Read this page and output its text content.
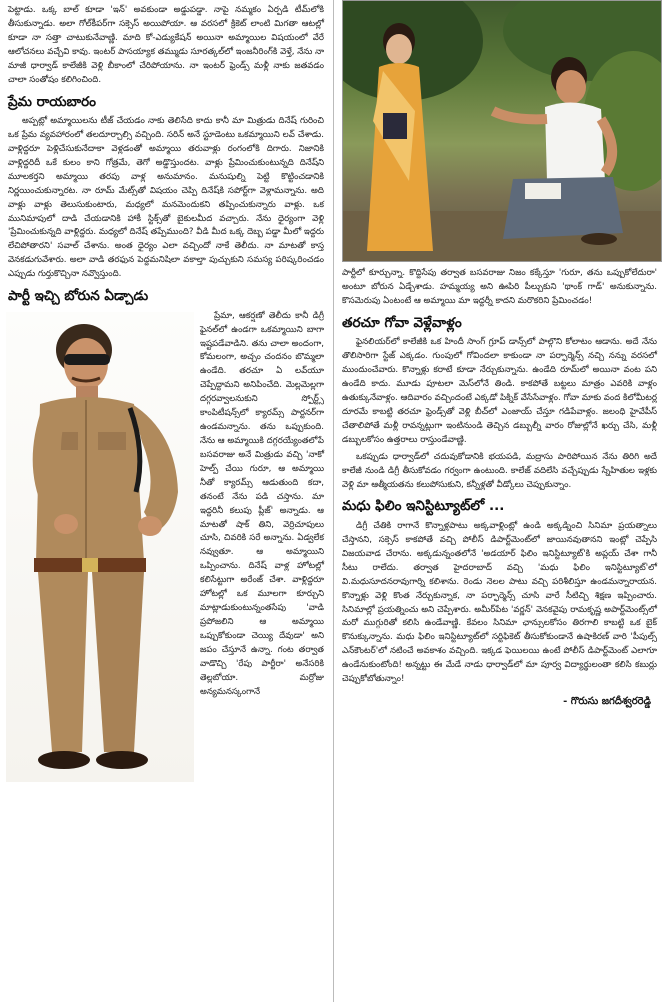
పెట్టాడు. ఒక్క బాల్ కూడా 'ఇన్' అవకుండా అడ్డుపడ్డా. నాపై నమ్మకం ఏర్పడి టీమ్‌లోకి తీసుకున్నాడు. అలా గోల్‌కీపర్‌గా సక్సెస్ అయిపోయా. ఆ వరసలో క్రికెట్ లాంటి మిగతా ఆటల్లో కూడా నా సత్తా చాటుకునేవాణ్ణి. మాది కో-ఎడ్యుకేషన్ అయినా అమ్మాయిల విషయంలో వేరే ఆలోచనలు వచ్చేవి కావు. ఇంటర్ పాసయ్యాక తమ్ముడు సూరత్కల్‌లో ఇంజనీరింగ్‌కి వెళ్తే, నేను నా మాజీ ధార్వాడ్ కాలేజీకి వెళ్లి బీకాంలో చేరిపోయాను. నా ఇంటర్ ఫ్రెండ్స్ మళ్లీ నాకు జతవడం చాలా సంతోషం కలిగించింది.

ప్రేమ రాయబారం

అప్పట్లో అమ్మాయిలను టీజ్ చేయడం నాకు తెలిసేది కాదు కానీ మా మిత్రుడు దినేష్ గురించి ఒక ప్రేమ వ్యవహారంలో తలదూర్చాల్సి వచ్చింది. సరిన్ అనే స్టూడెంటు ఒకమ్మాయిని లవ్ చేశాడు. వాళ్లిద్దరూ పెళ్లిచేసుకునేదాకా వెళ్లడంతో అమ్మాయి తరువాళ్లు రంగంలోకి దిగారు. నిజానికి వాళ్లిద్దరిదీ ఒకే కులం కాని గోత్రమే, తెగో అడ్డొస్తుందట. వాళ్లు ప్రేమించుకుంటున్నది దినేష్‌ని మూలకర్తని అమ్మాయి తరపు వాళ్ల అనుమానం. మనుషుల్ని పెట్టి కొట్టించడానికి నిర్ణయించుకున్నారట. నా రూమ్ మేట్స్‌తో విషయం చెప్పి దినేష్‌కి సపోర్ట్‌గా వెళ్లామన్నాను. అది వాళ్లు వాళ్లు తెలుసుకుంటారు, మధ్యలో మనమెందుకని తప్పించుకున్నారు వాళ్లు. ఒక మునిమాపులో దాడి చేయడానికి హాకీ స్టిక్స్‌తో బైకులమీద వచ్చారు. నేను ధైర్యంగా వెళ్లి 'ప్రేమించుకున్నది వాళ్లిద్దరు. మధ్యలో దినేష్ తప్పేముంది? వీడి మీద ఒక్క దెబ్బ పడ్డా మీలో ఇద్దరు లేచిపోతారని' సవాల్ చేశాను. అంత ధైర్యం ఎలా వచ్చిందో నాకే తెలీదు. నా మాటతో కాస్త వెనకడుగువేశారు. అలా వాడి తరఫున పెద్దమనిషిలా వకాల్తా పుచ్చుకుని సమస్య పరిష్కరించడం ఎప్పుడు గుర్తుకొచ్చినా నవ్వొస్తుంది.

పార్టీ ఇచ్చి బోరున ఏడ్చాడు

ప్రేమా, ఆకర్షణో తెలీదు కానీ డిగ్రీ ఫైనల్‌లో ఉండగా ఒకమ్మాయిని బాగా ఇష్టపడేవాడిని. తను చాలా అందంగా, కోమలంగా, అచ్చం చందనం బొమ్మలా ఉండేది. తరచూ ఏ లవ్‌యూ చెప్పేద్దామని అనిపించేది. మెల్లమెల్లగా దగ్గరవ్వాలనుకుని స్పోర్ట్స్ కాంపిటీషన్స్‌లో క్యారమ్స్ పార్టనర్‌గా ఉండమన్నాను. తను ఒప్పుకుంది. నేను ఆ అమ్మాయికి దగ్గరయ్యేంతలోపే బసవరాజు అనే మిత్రుడు వచ్చి 'నాకో హెల్ప్ చేయి గురూ, ఆ అమ్మాయి నీతో క్యారమ్స్ ఆడుతుంది కదా, తనంటే నేను పడి చస్తాను. మా ఇద్దరినీ కలుపు ప్లీజ్' అన్నాడు. ఆ మాటతో షాక్ తిని, వెర్రిచూపులు చూసి, చివరికి సరే అన్నాను. ఏడ్వలేక నవ్వుతూ. ఆ అమ్మాయిని ఒప్పించాను. దినేష్ వాళ్ల హోటల్లో కలిసేట్టుగా అరేంజ్ చేశా. వాళ్లిద్దరూ హోటల్లో ఒక మూలగా కూర్చుని మాట్లాడుకుంటున్నంతసేపు 'వాడి ప్రపోజలిని ఆ అమ్మాయి ఒప్పుకోకుండా చెయ్యి దేవుడా' అని జపం చేస్తూనే ఉన్నా. గంట తర్వాత వాడొచ్చి 'రేపు పార్టీరా' అనేసరికి తెల్లబోయా. మర్రోజు అన్యమనస్కంగానే

పార్టీలో కూర్చున్నా. కొద్దిసేపు తర్వాత బసవరాజు నిజం కక్కేస్తూ 'గురూ, తను ఒప్పుకోలేదురా' అంటూ బోరున ఏడ్చేశాడు. హమ్మయ్య అని ఊపిరి పీల్చుకుని 'థాంక్ గాడ్' అనుకున్నాను. కొసమెరుపు ఏంటంటే ఆ అమ్మాయి మా ఇద్దర్నీ కాదని మరొకరిని ప్రేమించడం!

తరచూ గోవా వెళ్లేవాళ్లం

ఫైనలియర్‌లో కాలేజీకి ఒక హిందీ సాంగ్ గ్రూప్ డాన్స్‌లో పాల్గొని కోలాటం ఆడాను. అదే నేను తొలిసారిగా స్టేజ్ ఎక్కడం. గుంపులో గోవిందలా కాకుండా నా పర్ఫార్మెన్స్ నచ్చి నన్ను వరసలో ముందుంచేవారు. కొన్నాళ్లు కరాటే కూడా నేర్చుకున్నాను. ఉండేది రూమ్‌లో అయినా వంట పని ఉండేది కాదు. మూడు పూటలా మెస్‌లోనే తిండి. కాకపోతే బట్టలు మాత్రం ఎవరికి వాళ్లం ఉతుక్కునేవాళ్లం. ఆదివారం వచ్చిందంటే ఎక్కడో పిక్నిక్ వేసేసేవాళ్లం. గోవా మాకు వంద కిలోమీటర్ల దూరమే కాబట్టి తరచూ ఫ్రెండ్స్‌తో వెళ్లి బీచ్‌లో ఎంజాయ్ చేస్తూ గడిపేవాళ్లం. జలంధి హైవేపీస్ చేతాలిపోతే మళ్లీ రావన్నట్లుగా ఇంటినుండి తెచ్చిన డబ్బుల్నీ వారం రోజుల్లోనే ఖర్చు చేసి, మళ్లీ డబ్బులకోసం ఉత్తరాలు రాస్తుండేవాణ్ణి.

ఒకప్పుడు ధార్వాడ్‌లో చదువుకోడానికి భయపడి, మద్రాసు పారిపోయిన నేను తిరిగి అదే కాలేజీ నుండి డిగ్రీ తీసుకోవడం గర్వంగా ఉంటుంది. కాలేజ్ వదిలేసి వచ్చేప్పుడు స్నేహితుల ఇళ్లకు వెళ్లి మా ఆత్మీయతను కలుపోసుకుని, కన్నీళ్లతో వీడ్కోలు చెప్పుకున్నాం.

మధు ఫిలిం ఇనిస్టిట్యూట్‌లో ...

డిగ్రీ చేతికి రాగానే కొన్నాళ్లపాటు అక్కవాళ్లింట్లో ఉండి అక్కడ్నించి సినిమా ప్రయత్నాలు చేస్తానని, సక్సెస్ కాకపోతే వచ్చి పోలీస్ డిపార్ట్‌మెంట్‌లో జాయినవుతానని ఇంట్లో చెప్పేసి విజయవాడ చేరాను. అక్కడున్నంతలోనే 'అడయార్ ఫిలిం ఇనిస్టిట్యూట్'కి అప్లయ్ చేశా గానీ సీటు రాలేదు. తర్వాత హైదరాబాద్ వచ్చి 'మధు ఫిలిం ఇనిస్టిట్యూట్'లో వి.మధుసూదనరావుగార్ని కలిశాను. రెండు నెలల పాటు వచ్చి పరిశీలిస్తూ ఉండమన్నారాయన. కొన్నాళ్లు వెళ్లి కొంత నేర్చుకున్నాక, నా పర్ఫార్మెన్స్ చూసి వారే సీటిచ్చి శిక్షణ ఇప్పించారు. సినిమాల్లో ప్రయత్నించు అని చెప్పేశారు. అమీర్‌పేట 'వర్ణన్' వెనకవైపు రామకృష్ణ అపార్ట్‌మెంట్స్‌లో మరో ముగ్గురితో కలిసి ఉండేవాణ్ణి. కేవలం సినిమా ఛాన్సులకోసం తిరగాలి కాబట్టి ఒక బైక్ కొనుక్కున్నాను. మధు ఫిలిం ఇనిస్టిట్యూట్‌లో సర్టిఫికెట్ తీసుకోకుండానే ఉషాకిరణ్ వారి 'పీపుల్స్ ఎన్‌కౌంటర్'లో నటించే అవకాశం వచ్చింది. ఇక్కడ ఫెయిలయి ఉంటే పోలీస్ డిపార్ట్‌మెంట్ ఎలాగూ ఉండేనుకుంటోంది! అన్నట్టు ఈ మేడే నాడు ధార్వాడ్‌లో మా పూర్వ విద్యార్థులంతా కలిసి కబుర్లు చెప్పుకోబోతున్నాం!

- గొరుసు జగదీశ్వరరెడ్డి
